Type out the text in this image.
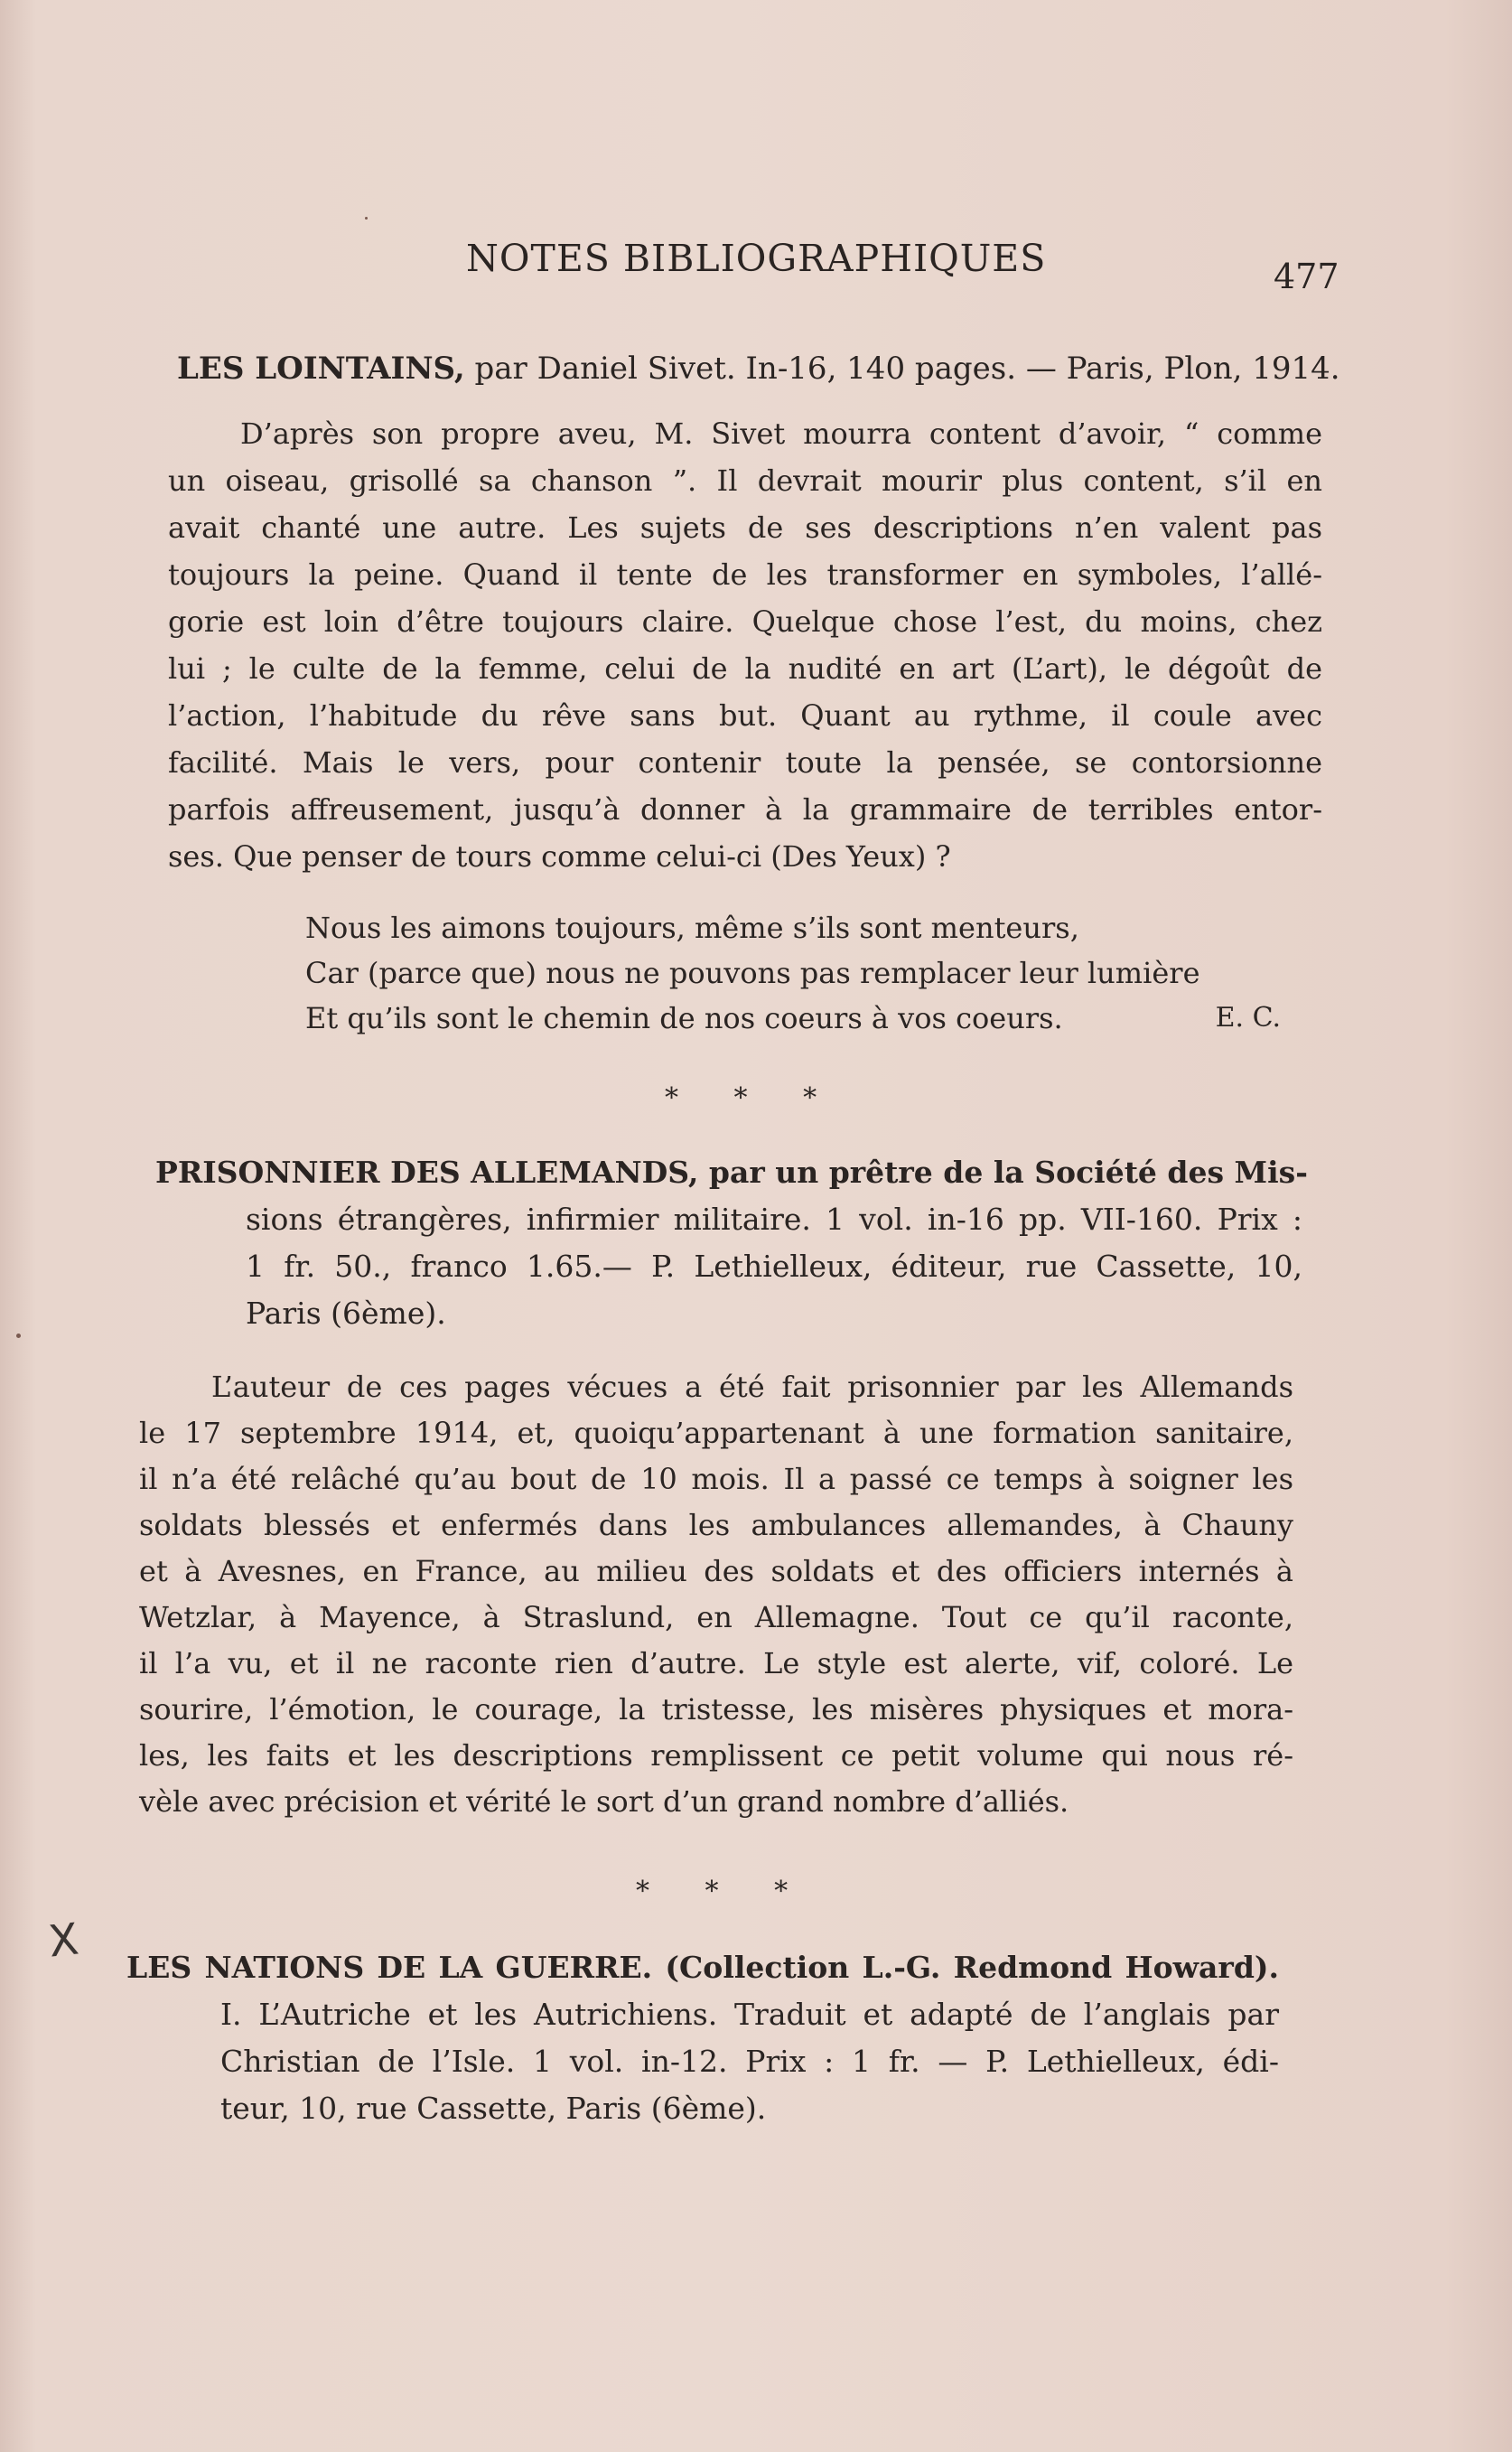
NOTES BIBLIOGRAPHIQUES	477
LES LOINTAINS, par Daniel Sivet. In-16, 140 pages. — Paris, Plon, 1914.
D’après son propre aveu, M. Sivet mourra content d’avoir, “ comme
un oiseau, grisollé sa chanson ”. Il devrait mourir plus content, s’il en
avait chanté une autre. Les sujets de ses descriptions n’en valent pas
toujours la peine. Quand il tente de les transformer en symboles, l’allé-
gorie est loin d’être toujours claire. Quelque chose l’est, du moins, chez
lui ; le culte de la femme, celui de la nudité en art (L’art), le dégoût de
l’action, l’habitude du rêve sans but. Quant au rythme, il coule avec
facilité. Mais le vers, pour contenir toute la pensée, se contorsionne
parfois affreusement, jusqu’à donner à la grammaire de terribles entor-
ses. Que penser de tours comme celui-ci (Des Yeux) ?
Nous les aimons toujours, même s’ils sont menteurs,
Car (parce que) nous ne pouvons pas remplacer leur lumière
Et qu’ils sont le chemin de nos coeurs à vos coeurs.	E. C.
* * *
PRISONNIER DES ALLEMANDS, par un prêtre de la Société des Mis-
sions étrangères, infirmier militaire. 1 vol. in-16 pp. VII-160. Prix :
1 fr. 50., franco 1.65.— P. Lethielleux, éditeur, rue Cassette, 10,
Paris (6ème).
L’auteur de ces pages vécues a été fait prisonnier par les Allemands
le 17 septembre 1914, et, quoiqu’appartenant à une formation sanitaire,
il n’a été relâché qu’au bout de 10 mois. Il a passé ce temps à soigner les
soldats blessés et enfermés dans les ambulances allemandes, à Chauny
et à Avesnes, en France, au milieu des soldats et des officiers internés à
Wetzlar, à Mayence, à Straslund, en Allemagne. Tout ce qu’il raconte,
il l’a vu, et il ne raconte rien d’autre. Le style est alerte, vif, coloré. Le
sourire, l’émotion, le courage, la tristesse, les misères physiques et mora-
les, les faits et les descriptions remplissent ce petit volume qui nous ré-
vèle avec précision et vérité le sort d’un grand nombre d’alliés.
* * *
X LES NATIONS DE LA GUERRE. (Collection L.-G. Redmond Howard).
I. L’Autriche et les Autrichiens. Traduit et adapté de l’anglais par
Christian de l’Isle. 1 vol. in-12. Prix : 1 fr. — P. Lethielleux, édi-
teur, 10, rue Cassette, Paris (6ème).
